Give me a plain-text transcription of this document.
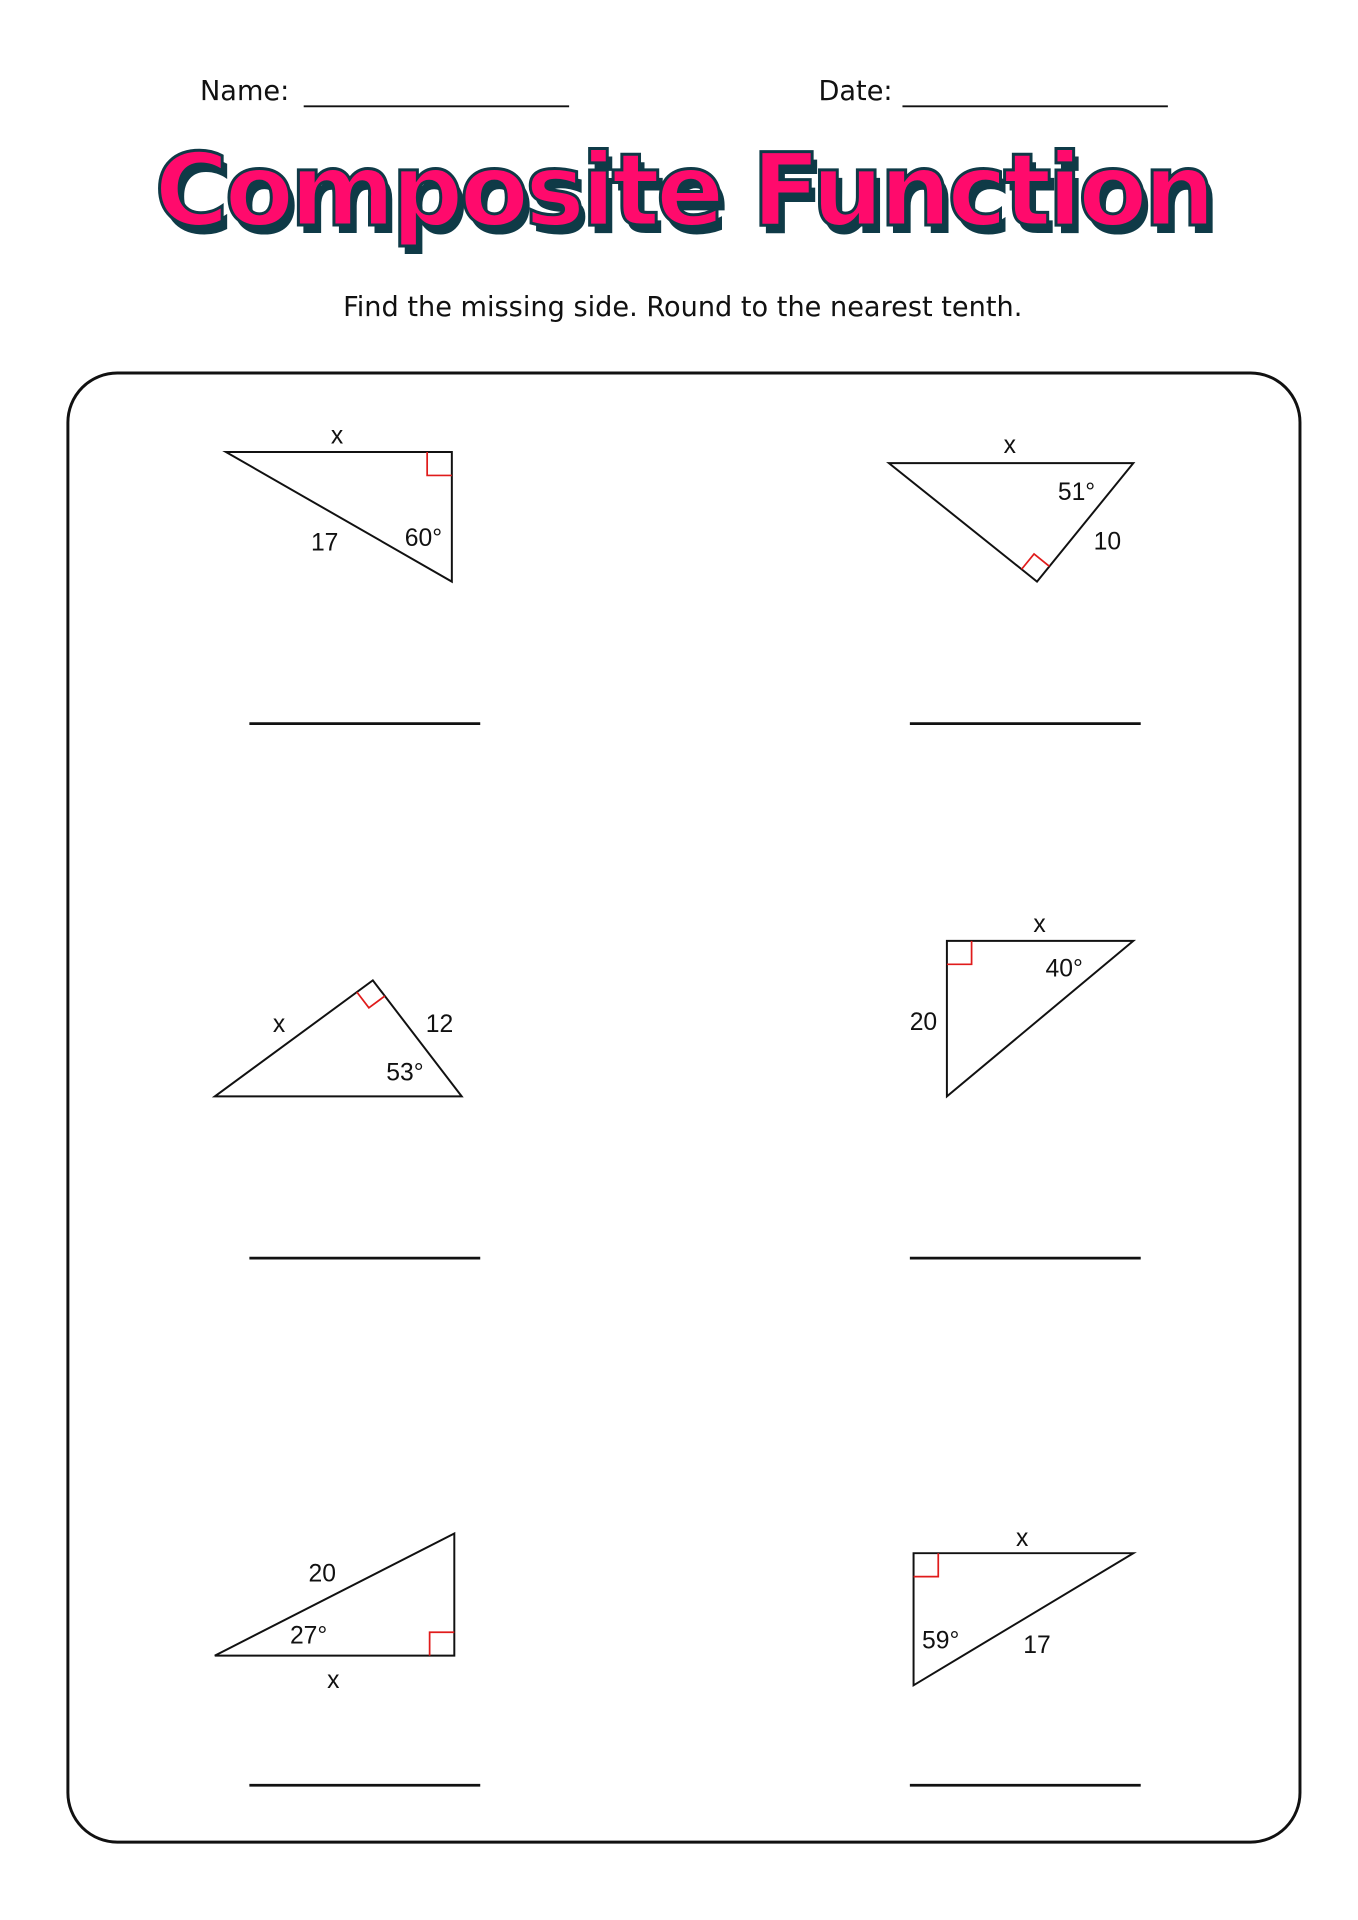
Name:	Date:
Find the missing side. Round to the nearest tenth.
x
17	60°
x
51°
10
x	12
53°
x
40°
20
20
27°
x
x
59°	17
Composite Function
